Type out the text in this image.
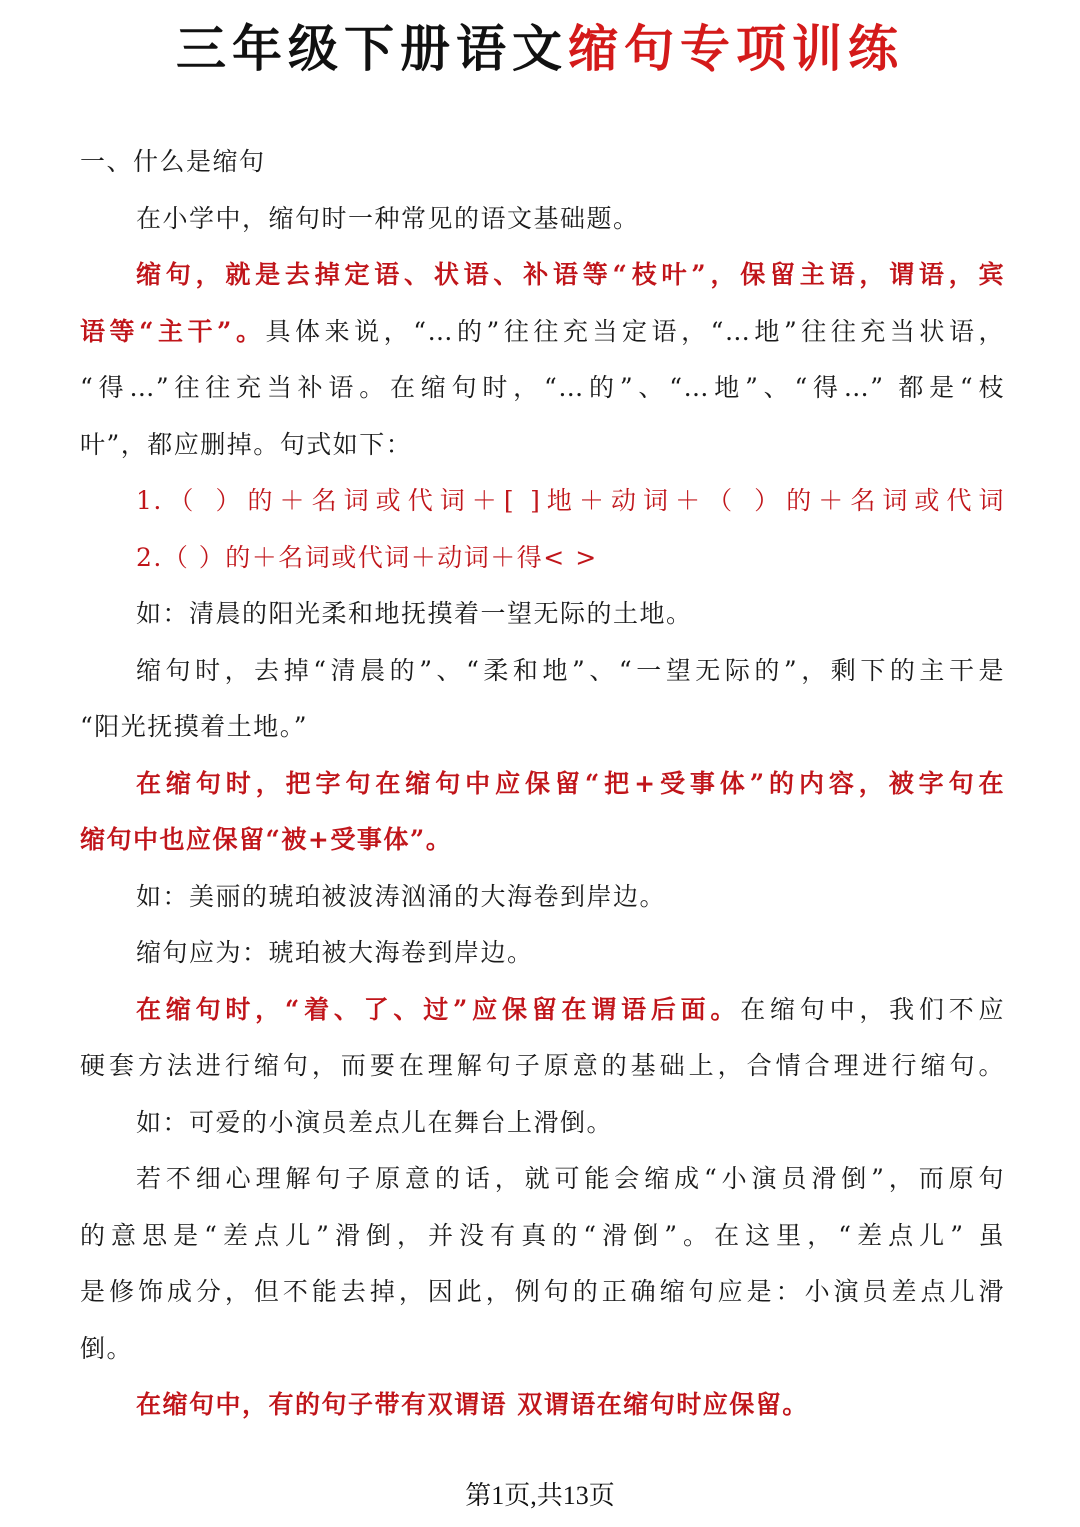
三年级下册语文缩句专项训练
一、什么是缩句
在小学中，缩句时一种常见的语文基础题。
缩句，就是去掉定语、状语、补语等“枝叶”，保留主语，谓语，宾
语等“主干”。具体来说，“…的”往往充当定语，“…地”往往充当状语，
“得…”往往充当补语。在缩句时，“…的”、“…地”、“得…” 都是“枝
叶”，都应删掉。句式如下：
1.（ ）的＋名词或代词＋[ ]地＋动词＋（ ）的＋名词或代词
2.（ ）的＋名词或代词＋动词＋得< >
如：清晨的阳光柔和地抚摸着一望无际的土地。
缩句时，去掉“清晨的”、“柔和地”、“一望无际的”，剩下的主干是
“阳光抚摸着土地。”
在缩句时，把字句在缩句中应保留“把+受事体”的内容，被字句在
缩句中也应保留“被+受事体”。
如：美丽的琥珀被波涛汹涌的大海卷到岸边。
缩句应为：琥珀被大海卷到岸边。
在缩句时，“着、了、过”应保留在谓语后面。在缩句中，我们不应
硬套方法进行缩句，而要在理解句子原意的基础上，合情合理进行缩句。
如：可爱的小演员差点儿在舞台上滑倒。
若不细心理解句子原意的话，就可能会缩成“小演员滑倒”，而原句
的意思是“差点儿”滑倒，并没有真的“滑倒”。在这里，“差点儿” 虽
是修饰成分，但不能去掉，因此，例句的正确缩句应是：小演员差点儿滑
倒。
在缩句中，有的句子带有双谓语 双谓语在缩句时应保留。
第1页,共13页
